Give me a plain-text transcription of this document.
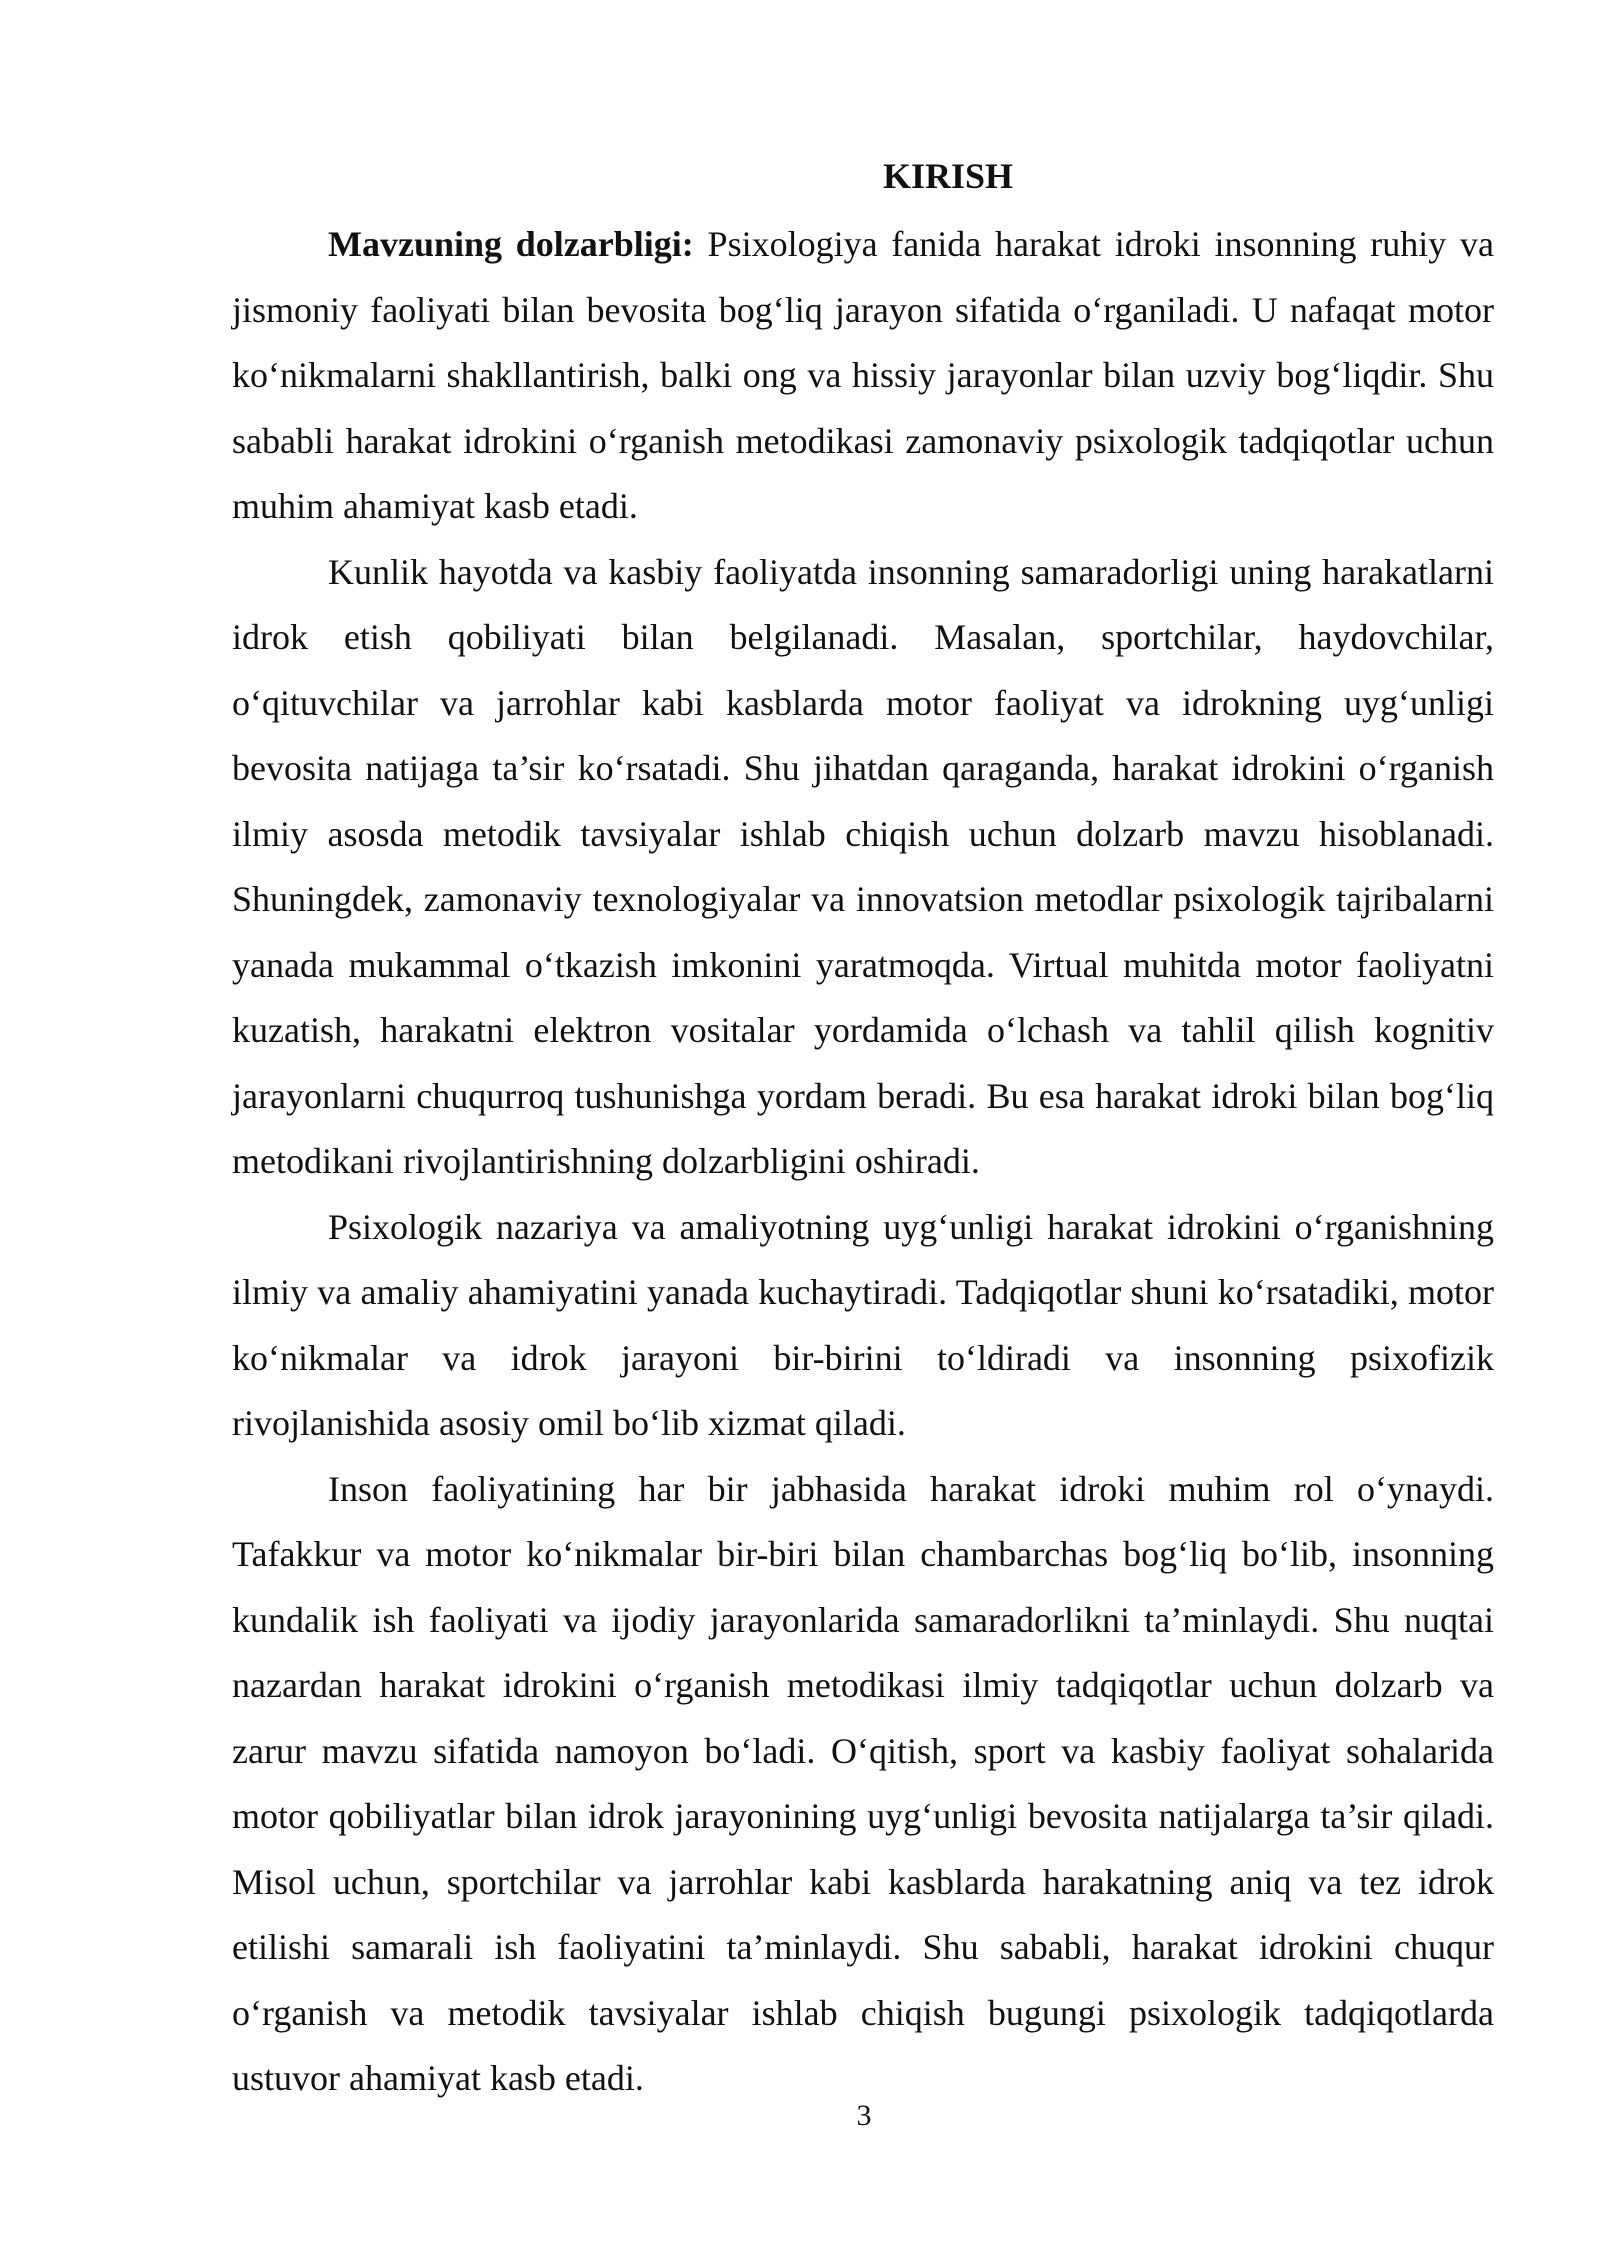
KIRISH

Mavzuning dolzarbligi: Psixologiya fanida harakat idroki insonning ruhiy va jismoniy faoliyati bilan bevosita bog‘liq jarayon sifatida o‘rganiladi. U nafaqat motor ko‘nikmalarni shakllantirish, balki ong va hissiy jarayonlar bilan uzviy bog‘liqdir. Shu sababli harakat idrokini o‘rganish metodikasi zamonaviy psixologik tadqiqotlar uchun muhim ahamiyat kasb etadi.

Kunlik hayotda va kasbiy faoliyatda insonning samaradorligi uning harakatlarni idrok etish qobiliyati bilan belgilanadi. Masalan, sportchilar, haydovchilar, o‘qituvchilar va jarrohlar kabi kasblarda motor faoliyat va idrokning uyg‘unligi bevosita natijaga ta’sir ko‘rsatadi. Shu jihatdan qaraganda, harakat idrokini o‘rganish ilmiy asosda metodik tavsiyalar ishlab chiqish uchun dolzarb mavzu hisoblanadi. Shuningdek, zamonaviy texnologiyalar va innovatsion metodlar psixologik tajribalarni yanada mukammal o‘tkazish imkonini yaratmoqda. Virtual muhitda motor faoliyatni kuzatish, harakatni elektron vositalar yordamida o‘lchash va tahlil qilish kognitiv jarayonlarni chuqurroq tushunishga yordam beradi. Bu esa harakat idroki bilan bog‘liq metodikani rivojlantirishning dolzarbligini oshiradi.

Psixologik nazariya va amaliyotning uyg‘unligi harakat idrokini o‘rganishning ilmiy va amaliy ahamiyatini yanada kuchaytiradi. Tadqiqotlar shuni ko‘rsatadiki, motor ko‘nikmalar va idrok jarayoni bir-birini to‘ldiradi va insonning psixofizik rivojlanishida asosiy omil bo‘lib xizmat qiladi.

Inson faoliyatining har bir jabhasida harakat idroki muhim rol o‘ynaydi. Tafakkur va motor ko‘nikmalar bir-biri bilan chambarchas bog‘liq bo‘lib, insonning kundalik ish faoliyati va ijodiy jarayonlarida samaradorlikni ta’minlaydi. Shu nuqtai nazardan harakat idrokini o‘rganish metodikasi ilmiy tadqiqotlar uchun dolzarb va zarur mavzu sifatida namoyon bo‘ladi. O‘qitish, sport va kasbiy faoliyat sohalarida motor qobiliyatlar bilan idrok jarayonining uyg‘unligi bevosita natijalarga ta’sir qiladi. Misol uchun, sportchilar va jarrohlar kabi kasblarda harakatning aniq va tez idrok etilishi samarali ish faoliyatini ta’minlaydi. Shu sababli, harakat idrokini chuqur o‘rganish va metodik tavsiyalar ishlab chiqish bugungi psixologik tadqiqotlarda ustuvor ahamiyat kasb etadi.

3
